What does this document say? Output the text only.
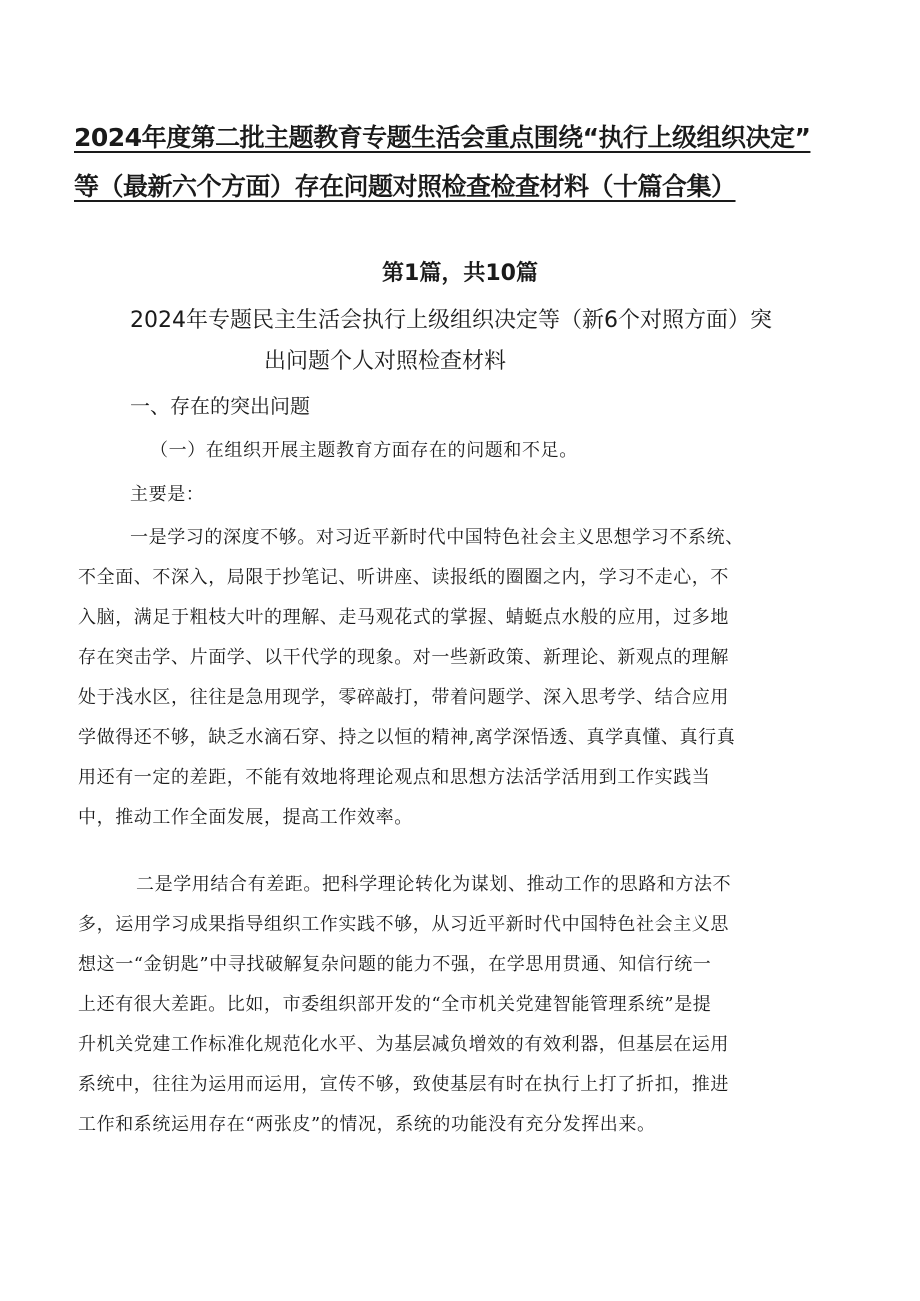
2024年度第二批主题教育专题生活会重点围绕“执行上级组织决定”
等（最新六个方面）存在问题对照检查检查材料（十篇合集）
第1篇，共10篇
2024年专题民主生活会执行上级组织决定等（新6个对照方面）突
出问题个人对照检查材料
一、存在的突出问题
（一）在组织开展主题教育方面存在的问题和不足。
主要是：
一是学习的深度不够。对习近平新时代中国特色社会主义思想学习不系统、
不全面、不深入，局限于抄笔记、听讲座、读报纸的圈圈之内，学习不走心，不
入脑，满足于粗枝大叶的理解、走马观花式的掌握、蜻蜓点水般的应用，过多地
存在突击学、片面学、以干代学的现象。对一些新政策、新理论、新观点的理解
处于浅水区，往往是急用现学，零碎敲打，带着问题学、深入思考学、结合应用
学做得还不够，缺乏水滴石穿、持之以恒的精神,离学深悟透、真学真懂、真行真
用还有一定的差距，不能有效地将理论观点和思想方法活学活用到工作实践当
中，推动工作全面发展，提高工作效率。
二是学用结合有差距。把科学理论转化为谋划、推动工作的思路和方法不
多，运用学习成果指导组织工作实践不够，从习近平新时代中国特色社会主义思
想这一“金钥匙”中寻找破解复杂问题的能力不强，在学思用贯通、知信行统一
上还有很大差距。比如，市委组织部开发的“全市机关党建智能管理系统”是提
升机关党建工作标准化规范化水平、为基层减负增效的有效利器，但基层在运用
系统中，往往为运用而运用，宣传不够，致使基层有时在执行上打了折扣，推进
工作和系统运用存在“两张皮”的情况，系统的功能没有充分发挥出来。
